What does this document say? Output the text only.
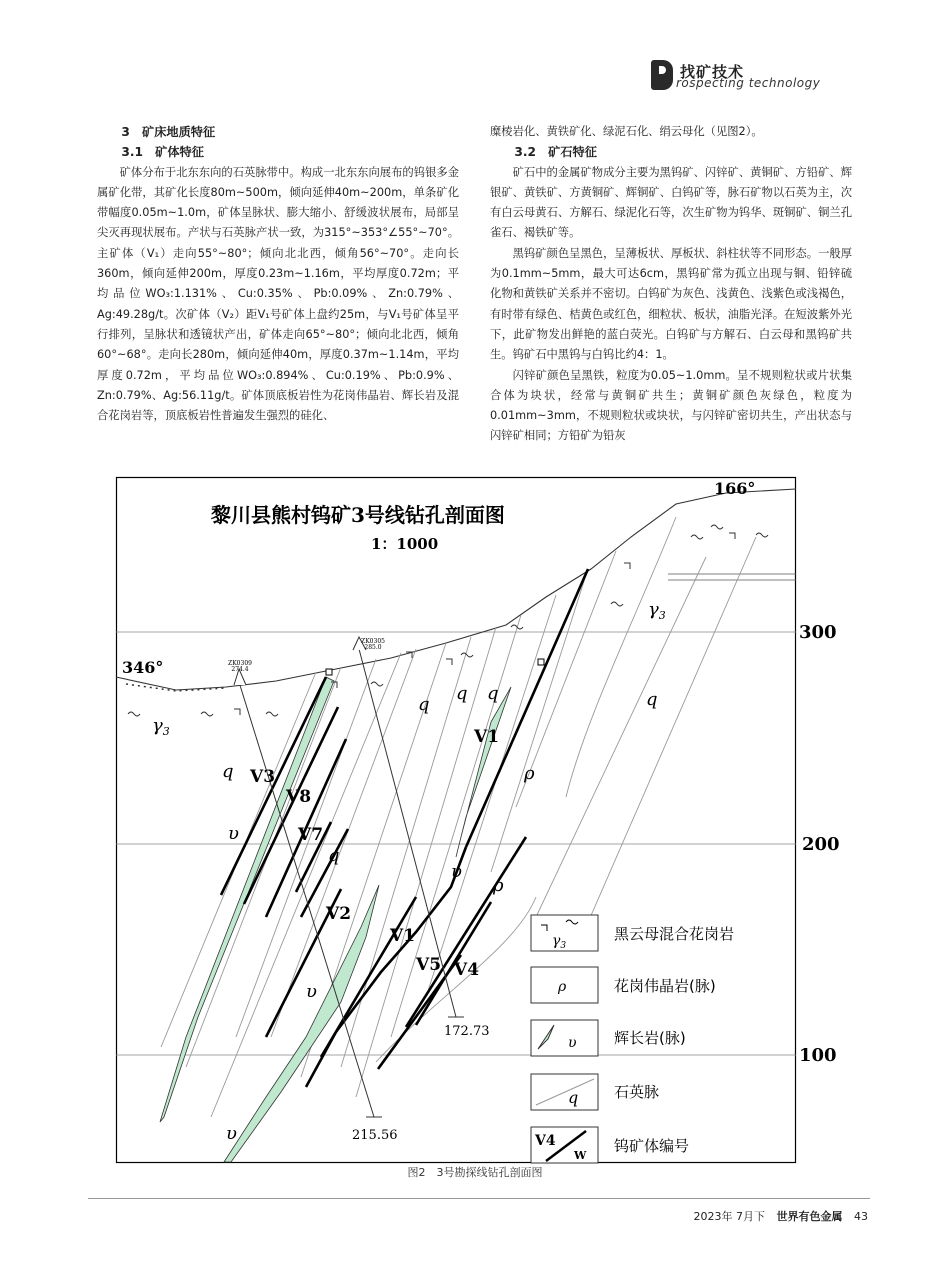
找矿技术
rospecting technology

3　矿床地质特征

3.1　矿体特征

矿体分布于北东东向的石英脉带中。构成一北东东向展布的钨银多金属矿化带，其矿化长度80m~500m，倾向延伸40m~200m，单条矿化带幅度0.05m~1.0m，矿体呈脉状、膨大缩小、舒缓波状展布，局部呈尖灭再现状展布。产状与石英脉产状一致，为315°~353°∠55°~70°。主矿体（V₁）走向55°~80°；倾向北北西，倾角56°~70°。走向长360m，倾向延伸200m，厚度0.23m~1.16m，平均厚度0.72m；平均品位WO₃:1.131%、Cu:0.35%、Pb:0.09%、Zn:0.79%、Ag:49.28g/t。次矿体（V₂）距V₁号矿体上盘约25m，与V₁号矿体呈平行排列，呈脉状和透镜状产出，矿体走向65°~80°；倾向北北西，倾角60°~68°。走向长280m，倾向延伸40m，厚度0.37m~1.14m，平均厚度0.72m，平均品位WO₃:0.894%、Cu:0.19%、Pb:0.9%、Zn:0.79%、Ag:56.11g/t。矿体顶底板岩性为花岗伟晶岩、辉长岩及混合花岗岩等，顶底板岩性普遍发生强烈的硅化、

糜棱岩化、黄铁矿化、绿泥石化、绢云母化（见图2）。

3.2　矿石特征

矿石中的金属矿物成分主要为黑钨矿、闪锌矿、黄铜矿、方铅矿、辉银矿、黄铁矿、方黄铜矿、辉铜矿、白钨矿等，脉石矿物以石英为主，次有白云母黄石、方解石、绿泥化石等，次生矿物为钨华、斑铜矿、铜兰孔雀石、褐铁矿等。

黑钨矿颜色呈黑色，呈薄板状、厚板状、斜柱状等不同形态。一般厚为0.1mm~5mm，最大可达6cm，黑钨矿常为孤立出现与铜、铅锌硫化物和黄铁矿关系并不密切。白钨矿为灰色、浅黄色、浅紫色或浅褐色，有时带有绿色、桔黄色或红色，细粒状、板状，油脂光泽。在短波紫外光下，此矿物发出鲜艳的蓝白荧光。白钨矿与方解石、白云母和黑钨矿共生。钨矿石中黑钨与白钨比约4：1。

闪锌矿颜色呈黑铁，粒度为0.05~1.0mm。呈不规则粒状或片状集合体为块状，经常与黄铜矿共生；黄铜矿颜色灰绿色，粒度为0.01mm~3mm，不规则粒状或块状，与闪锌矿密切共生，产出状态与闪锌矿相同；方铅矿为铅灰

ZK0309
274.4
ZK0305
285.0
215.56
172.73
黎川县熊村钨矿3号线钻孔剖面图
1：1000
346°
166°
300
200
100
V1
V2
V3
V8
V7
V1
V5 V4
$\gamma_3$
$\gamma_3$
q
q
q q	q
q
υ
υ
υ
υ
ρ
ρ
$\gamma_3$
黑云母混合花岗岩
ρ	花岗伟晶岩(脉)
υ 辉长岩(脉)
q 石英脉
V4
W
钨矿体编号
图2　3号勘探线钻孔剖面图
2023年 7月下 世界有色金属 43
